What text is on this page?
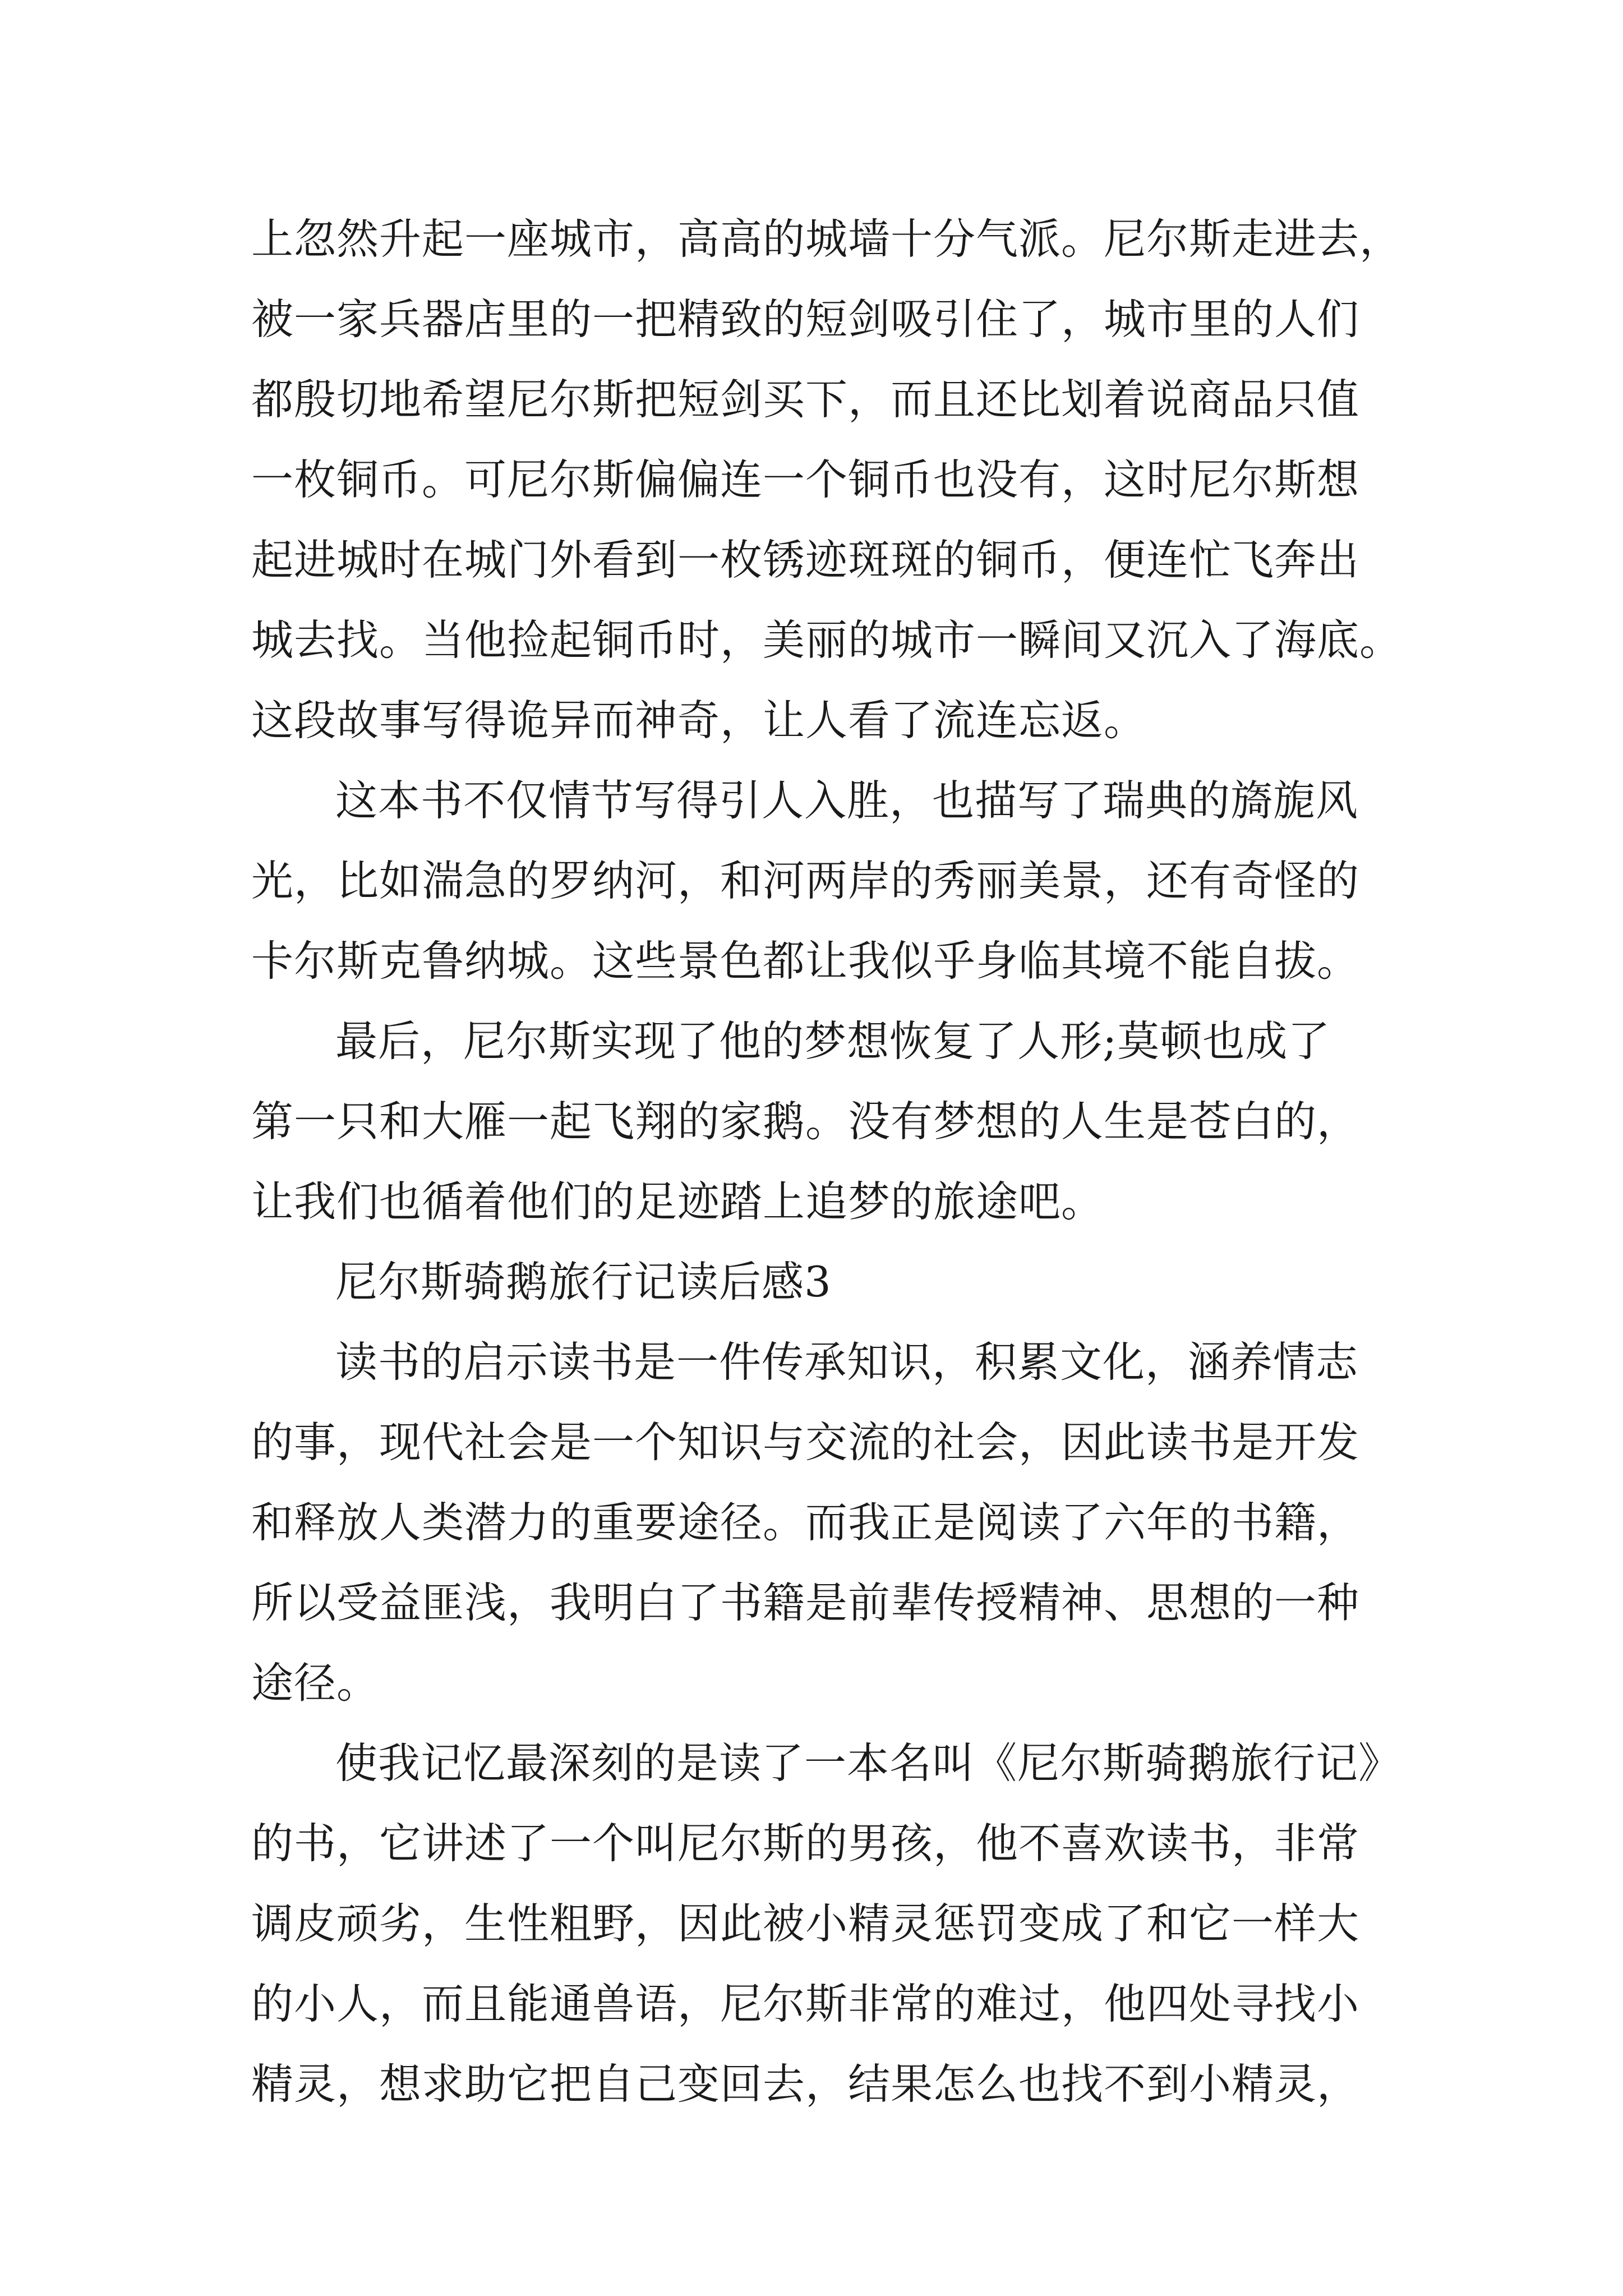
上忽然升起一座城市，高高的城墙十分气派。尼尔斯走进去，
被一家兵器店里的一把精致的短剑吸引住了，城市里的人们
都殷切地希望尼尔斯把短剑买下，而且还比划着说商品只值
一枚铜币。可尼尔斯偏偏连一个铜币也没有，这时尼尔斯想
起进城时在城门外看到一枚锈迹斑斑的铜币，便连忙飞奔出
城去找。当他捡起铜币时，美丽的城市一瞬间又沉入了海底。
这段故事写得诡异而神奇，让人看了流连忘返。
这本书不仅情节写得引人入胜，也描写了瑞典的旖旎风
光，比如湍急的罗纳河，和河两岸的秀丽美景，还有奇怪的
卡尔斯克鲁纳城。这些景色都让我似乎身临其境不能自拔。
最后，尼尔斯实现了他的梦想恢复了人形;莫顿也成了
第一只和大雁一起飞翔的家鹅。没有梦想的人生是苍白的，
让我们也循着他们的足迹踏上追梦的旅途吧。
尼尔斯骑鹅旅行记读后感3
读书的启示读书是一件传承知识，积累文化，涵养情志
的事，现代社会是一个知识与交流的社会，因此读书是开发
和释放人类潜力的重要途径。而我正是阅读了六年的书籍，
所以受益匪浅，我明白了书籍是前辈传授精神、思想的一种
途径。
使我记忆最深刻的是读了一本名叫《尼尔斯骑鹅旅行记》
的书，它讲述了一个叫尼尔斯的男孩，他不喜欢读书，非常
调皮顽劣，生性粗野，因此被小精灵惩罚变成了和它一样大
的小人，而且能通兽语，尼尔斯非常的难过，他四处寻找小
精灵，想求助它把自己变回去，结果怎么也找不到小精灵，
